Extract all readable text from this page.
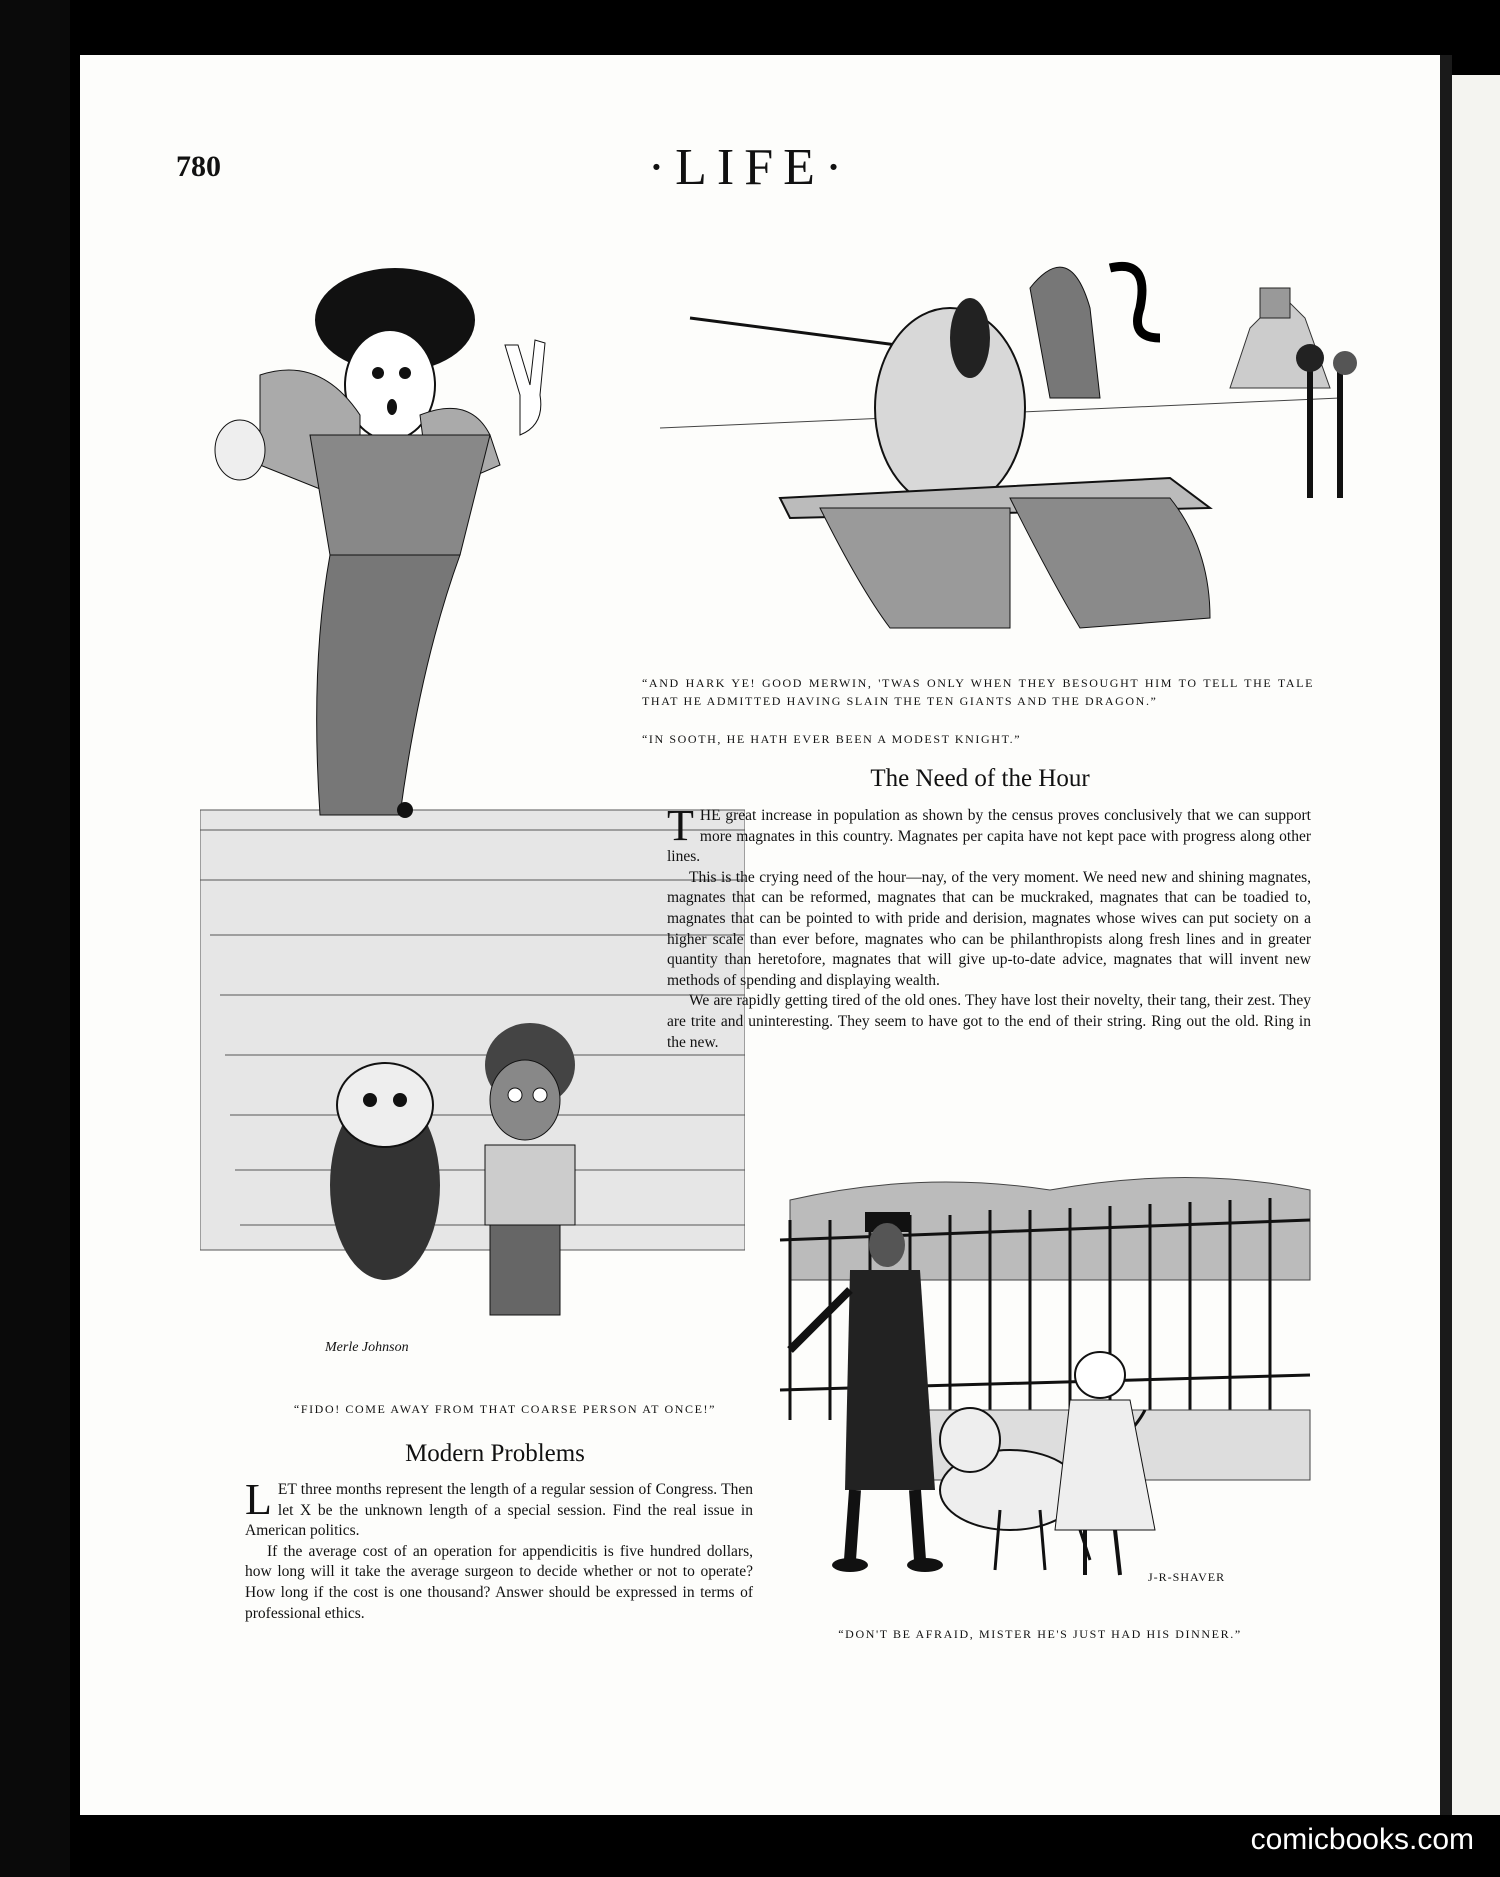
780	·LIFE·
“AND HARK YE! GOOD MERWIN, 'TWAS ONLY WHEN THEY BESOUGHT HIM TO TELL THE TALE THAT HE ADMITTED HAVING SLAIN THE TEN GIANTS AND THE DRAGON.”
“IN SOOTH, HE HATH EVER BEEN A MODEST KNIGHT.”
Merle Johnson
“FIDO! COME AWAY FROM THAT COARSE PERSON AT ONCE!”
The Need of the Hour

THE great increase in population as shown by the census proves conclusively that we can support more magnates in this country. Magnates per capita have not kept pace with progress along other lines.

This is the crying need of the hour—nay, of the very moment. We need new and shining magnates, magnates that can be reformed, magnates that can be muckraked, magnates that can be toadied to, magnates that can be pointed to with pride and derision, magnates whose wives can put society on a higher scale than ever before, magnates who can be philanthropists along fresh lines and in greater quantity than heretofore, magnates that will give up-to-date advice, magnates that will invent new methods of spending and displaying wealth.

We are rapidly getting tired of the old ones. They have lost their novelty, their tang, their zest. They are trite and uninteresting. They seem to have got to the end of their string. Ring out the old. Ring in the new.

Modern Problems

LET three months represent the length of a regular session of Congress. Then let X be the unknown length of a special session. Find the real issue in American politics.

If the average cost of an operation for appendicitis is five hundred dollars, how long will it take the average surgeon to decide whether or not to operate? How long if the cost is one thousand? Answer should be expressed in terms of professional ethics.

J-R-SHAVER
“DON'T BE AFRAID, MISTER HE'S JUST HAD HIS DINNER.”
comicbooks.com
